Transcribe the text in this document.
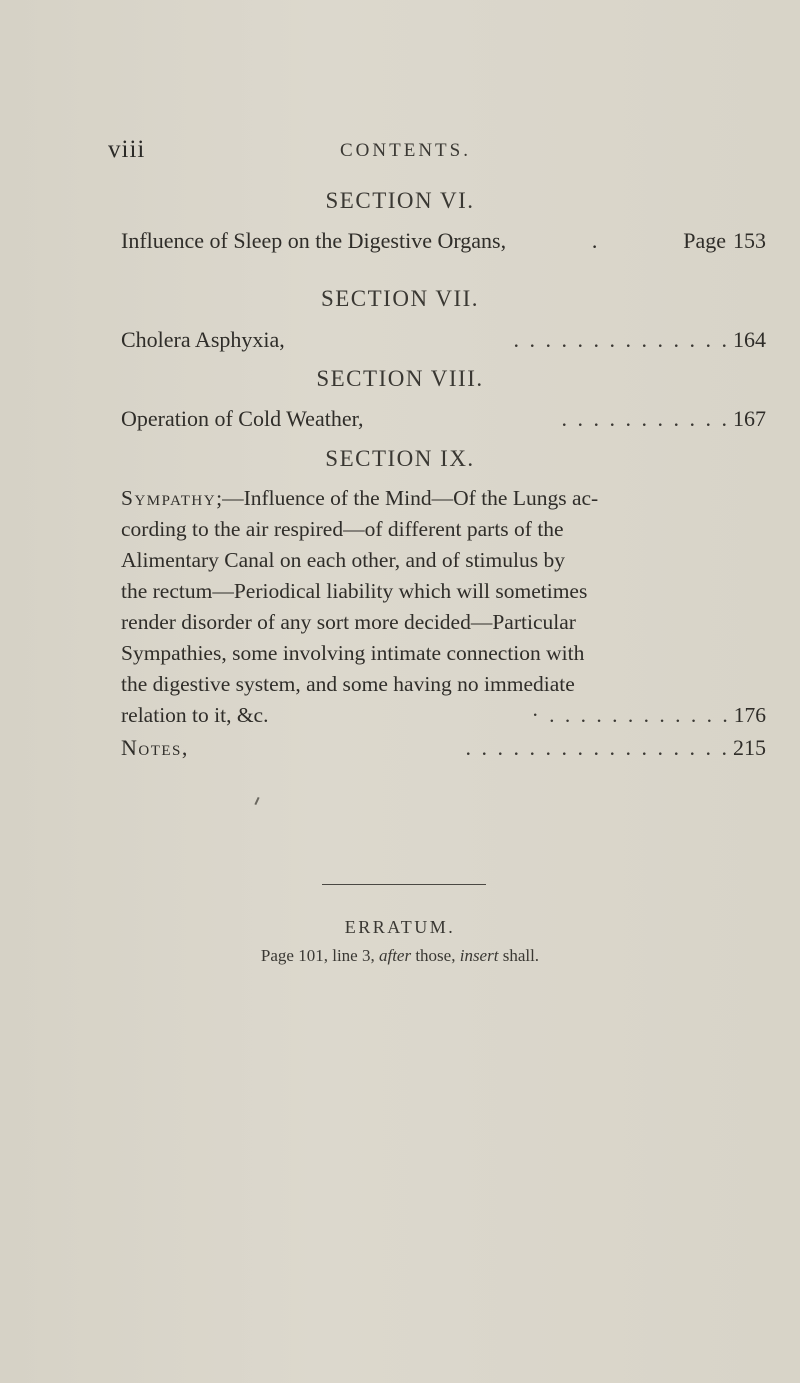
viii	CONTENTS.
SECTION VI.
Influence of Sleep on the Digestive Organs,	.	Page 153
SECTION VII.
Cholera Asphyxia,	. . . . . . . . . . . . . . 164
SECTION VIII.
Operation of Cold Weather,	. . . . . . . . . . . 167
SECTION IX.
Sympathy;—Influence of the Mind—Of the Lungs ac-
cording to the air respired—of different parts of the
Alimentary Canal on each other, and of stimulus by
the rectum—Periodical liability which will sometimes
render disorder of any sort more decided—Particular
Sympathies, some involving intimate connection with
the digestive system, and some having no immediate
relation to it, &c.	· . . . . . . . . . . . . 176
Notes,	. . . . . . . . . . . . . . . . . 215
ERRATUM.
Page 101, line 3, after those, insert shall.
